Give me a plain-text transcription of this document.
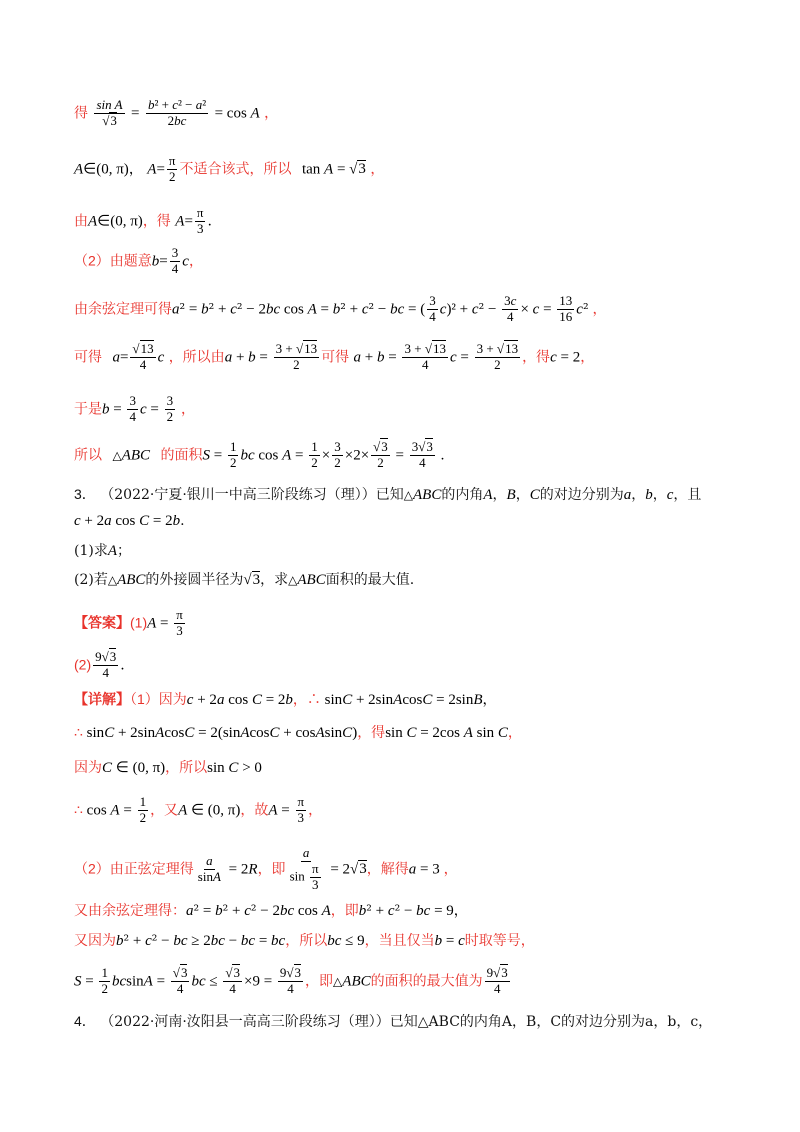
得 $\frac{\text{sin A}}{√3} = \frac{\text{b² + c² − a²}}{2bc} = \cos A$ ，
A∈(0, π)， $A= \frac{\pi}{2}$ 不适合该式，所以 tan A = √3 ，
由A∈(0, π)，得 $A= \frac{\pi}{3}$ .
（2）由题意$b= \frac{3}{4}$ c，
由余弦定理可得a² = b² + c² − 2bc cos A = b² + c² − bc = ( $\frac{3}{4} c)^2 + c^2 - \frac{3c}{4} \times c = \frac{13}{16} c^2$ ，
可得 $a= \frac{√13}{4}$ c ，所以由$a + b = \frac{3 + √13}{2}$ 可得 $a + b = \frac{3 + √13}{4}$ $c = \frac{3 + √13}{2}$ ，得c = 2，
于是$b = \frac{3}{4}$ $c = \frac{3}{2}$ ，
所以 △ABC 的面积$S = \frac{1}{2}$ bc $\cos A = \frac{1}{2} \times \frac{3}{2} \times 2\times \frac{√3}{2} = \frac{3√3}{4}$ .
3． （2022·宁夏·银川一中高三阶段练习（理））已知△ABC的内角A，B，C的对边分别为a，b，c，且
c + 2a cos C = 2b.
(1)求A；
(2)若△ABC的外接圆半径为√3，求△ABC面积的最大值.
【答案】$(1)A = \frac{\pi}{3}$
$(2) \frac{9√3}{4}$ .
【详解】（1）因为c + 2a cos C = 2b，∴ sinC + 2sinAcosC = 2sinB，
∴ sinC + 2sinAcosC = 2(sinAcosC + cosAsinC)，得sin C = 2cos A sin C，
因为C ∈ (0, π)，所以sin C > 0
∴ $\cos A = \frac{1}{2}$ ，又A ∈ (0, π)，故$A = \frac{\pi}{3}$ ，
（2）由正弦定理得 $\frac{a}{\sin A} = 2R$，即 $\frac{a}{\sin \frac{\pi}{3}} = 2√3$，解得a = 3 ，
又由余弦定理得：a² = b² + c² − 2bc cos A，即b² + c² − bc = 9，
又因为b² + c² − bc ≥ 2bc − bc = bc，所以bc ≤ 9，当且仅当b = c时取等号，
$S = \frac{1}{2}$ $bcsinA = \frac{√3}{4}$ bc ≤ $\frac{√3}{4} \times 9 = \frac{9√3}{4}$ ，即△ABC的面积的最大值为 $\frac{9√3}{4}$
4． （2022·河南·汝阳县一高高三阶段练习（理））已知△ABC的内角A，B，C的对边分别为a，b，c，
